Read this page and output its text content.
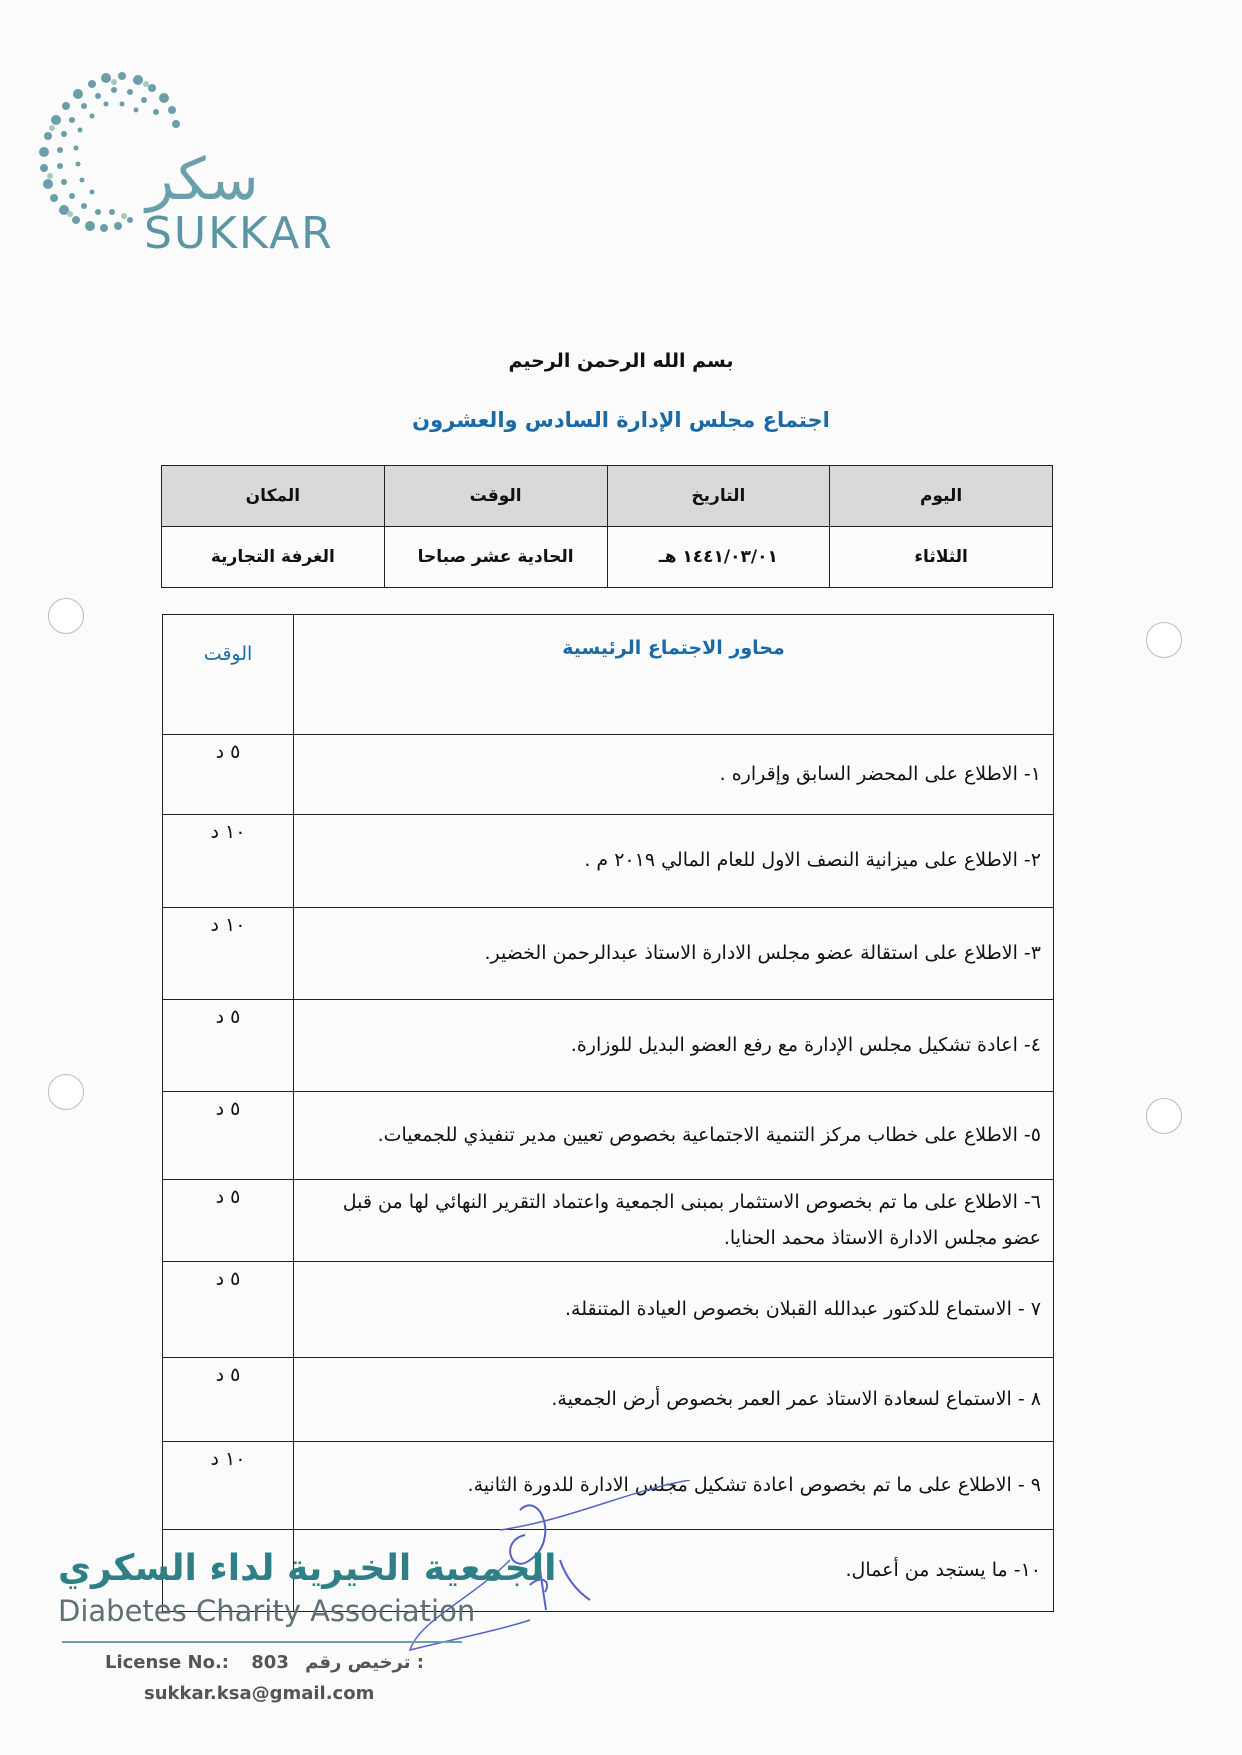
سكر
SUKKAR
بسم الله الرحمن الرحيم
اجتماع مجلس الإدارة السادس والعشرون
اليوم	التاريخ	الوقت	المكان
الثلاثاء	١٤٤١/٠٣/٠١ هـ	الحادية عشر صباحا	الغرفة التجارية
محاور الاجتماع الرئيسية	الوقت
١- الاطلاع على المحضر السابق وإقراره .	٥ د
٢- الاطلاع على ميزانية النصف الاول للعام المالي ٢٠١٩ م .	١٠ د
٣- الاطلاع على استقالة عضو مجلس الادارة الاستاذ عبدالرحمن الخضير.	١٠ د
٤- اعادة تشكيل مجلس الإدارة مع رفع العضو البديل للوزارة.	٥ د
٥- الاطلاع على خطاب مركز التنمية الاجتماعية بخصوص تعيين مدير تنفيذي للجمعيات.	٥ د
٦- الاطلاع على ما تم بخصوص الاستثمار بمبنى الجمعية واعتماد التقرير النهائي لها من قبل عضو مجلس الادارة الاستاذ محمد الحنايا.	٥ د
٧ - الاستماع للدكتور عبدالله القبلان بخصوص العيادة المتنقلة.	٥ د
٨ - الاستماع لسعادة الاستاذ عمر العمر بخصوص أرض الجمعية.	٥ د
٩ - الاطلاع على ما تم بخصوص اعادة تشكيل مجلس الادارة للدورة الثانية.	١٠ د
١٠- ما يستجد من أعمال.	
الجمعية الخيرية لداء السكري
Diabetes Charity Association
License No.: 803 ترخيص رقم :
sukkar.ksa@gmail.com
